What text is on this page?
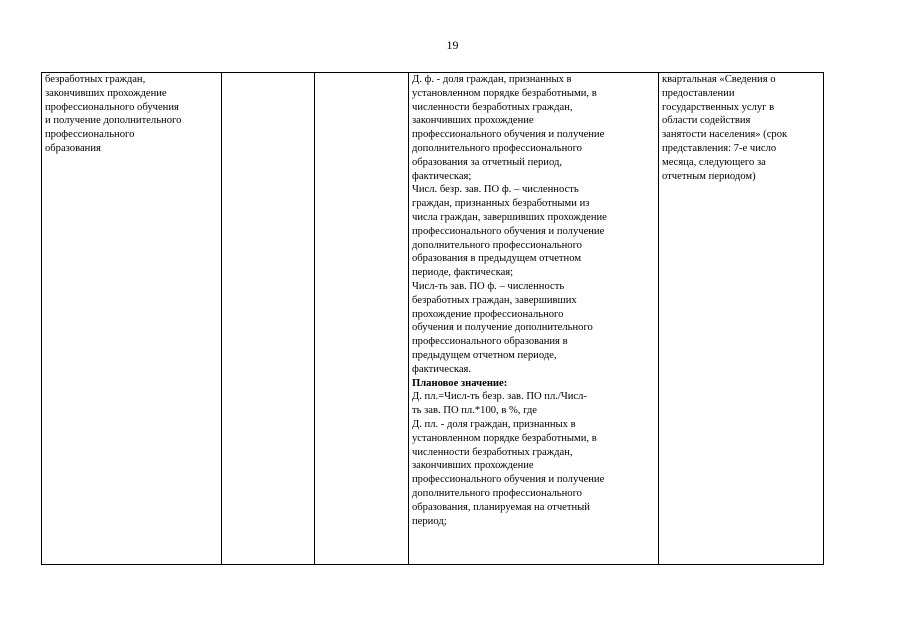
19
безработных граждан,
закончивших прохождение
профессионального обучения
и получение дополнительного
профессионального
образования

Д. ф. - доля граждан, признанных в
установленном порядке безработными, в
численности безработных граждан,
закончивших прохождение
профессионального обучения и получение
дополнительного профессионального
образования за отчетный период,
фактическая;
Числ. безр. зав. ПО ф. – численность
граждан, признанных безработными из
числа граждан, завершивших прохождение
профессионального обучения и получение
дополнительного профессионального
образования в предыдущем отчетном
периоде, фактическая;
Числ-ть зав. ПО ф. – численность
безработных граждан, завершивших
прохождение профессионального
обучения и получение дополнительного
профессионального образования в
предыдущем отчетном периоде,
фактическая.
Плановое значение:
Д. пл.=Числ-ть безр. зав. ПО пл./Числ-
ть зав. ПО пл.*100, в %, где
Д. пл. - доля граждан, признанных в
установленном порядке безработными, в
численности безработных граждан,
закончивших прохождение
профессионального обучения и получение
дополнительного профессионального
образования, планируемая на отчетный
период;

квартальная «Сведения о
предоставлении
государственных услуг в
области содействия
занятости населения» (срок
представления: 7-е число
месяца, следующего за
отчетным периодом)
